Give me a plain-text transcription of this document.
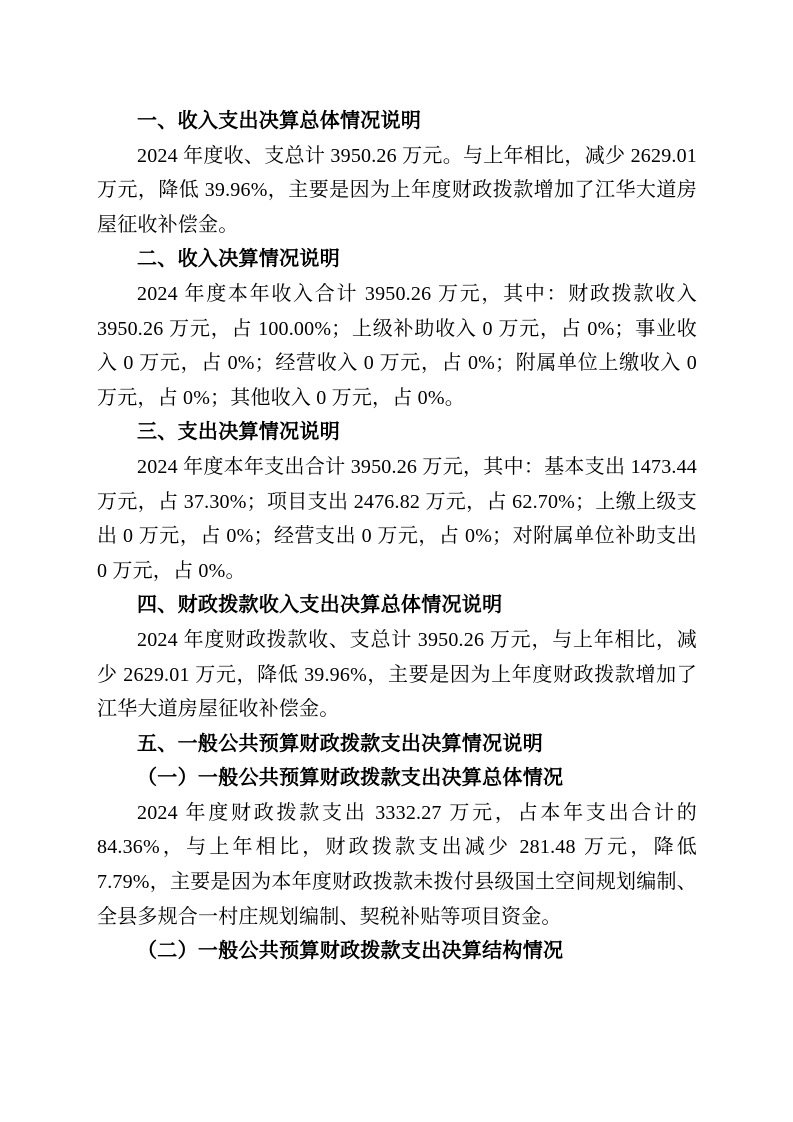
一、收入支出决算总体情况说明

2024 年度收、支总计 3950.26 万元。与上年相比，减少 2629.01 万元，降低 39.96%，主要是因为上年度财政拨款增加了江华大道房屋征收补偿金。

二、收入决算情况说明

2024 年度本年收入合计 3950.26 万元，其中：财政拨款收入 3950.26 万元，占 100.00%；上级补助收入 0 万元，占 0%；事业收入 0 万元，占 0%；经营收入 0 万元，占 0%；附属单位上缴收入 0 万元，占 0%；其他收入 0 万元，占 0%。

三、支出决算情况说明

2024 年度本年支出合计 3950.26 万元，其中：基本支出 1473.44 万元，占 37.30%；项目支出 2476.82 万元，占 62.70%；上缴上级支出 0 万元，占 0%；经营支出 0 万元，占 0%；对附属单位补助支出 0 万元，占 0%。

四、财政拨款收入支出决算总体情况说明

2024 年度财政拨款收、支总计 3950.26 万元，与上年相比，减少 2629.01 万元，降低 39.96%，主要是因为上年度财政拨款增加了江华大道房屋征收补偿金。

五、一般公共预算财政拨款支出决算情况说明
（一）一般公共预算财政拨款支出决算总体情况

2024 年度财政拨款支出 3332.27 万元，占本年支出合计的 84.36%，与上年相比，财政拨款支出减少 281.48 万元，降低 7.79%，主要是因为本年度财政拨款未拨付县级国土空间规划编制、全县多规合一村庄规划编制、契税补贴等项目资金。

（二）一般公共预算财政拨款支出决算结构情况
